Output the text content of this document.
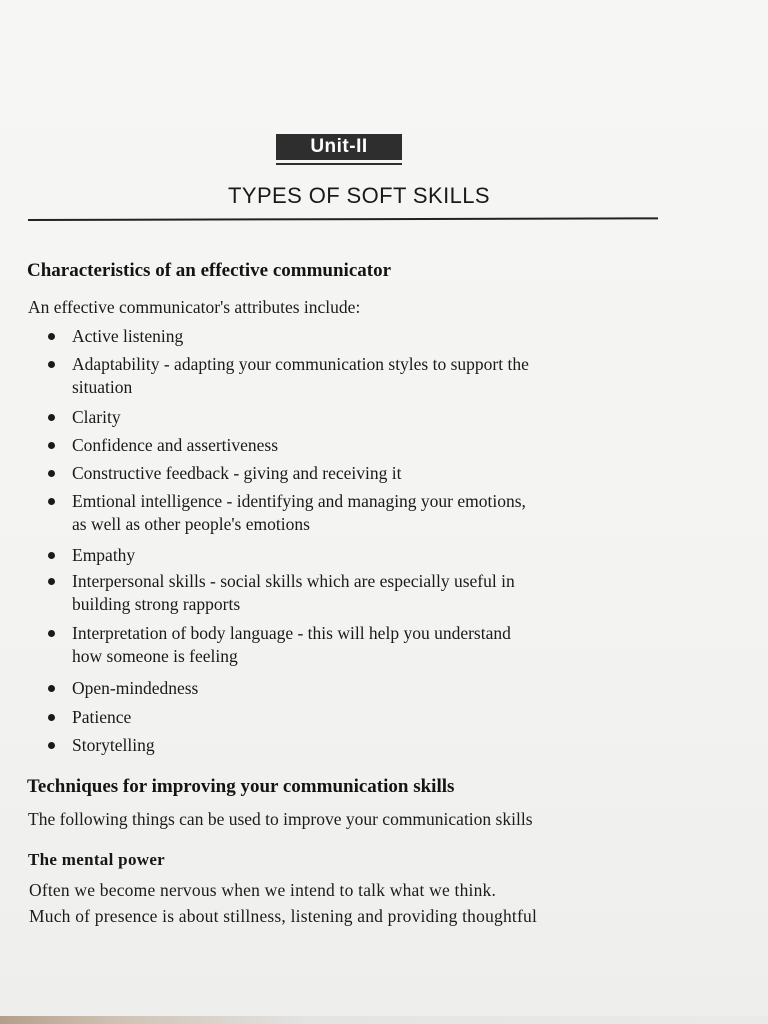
Unit-II
TYPES OF SOFT SKILLS
Characteristics of an effective communicator
An effective communicator's attributes include:
Active listening
Adaptability - adapting your communication styles to support the
situation
Clarity
Confidence and assertiveness
Constructive feedback - giving and receiving it
Emtional intelligence - identifying and managing your emotions,
as well as other people's emotions
Empathy
Interpersonal skills - social skills which are especially useful in
building strong rapports
Interpretation of body language - this will help you understand
how someone is feeling
Open-mindedness
Patience
Storytelling
Techniques for improving your communication skills
The following things can be used to improve your communication skills
The mental power
Often we become nervous when we intend to talk what we think.
Much of presence is about stillness, listening and providing thoughtful
